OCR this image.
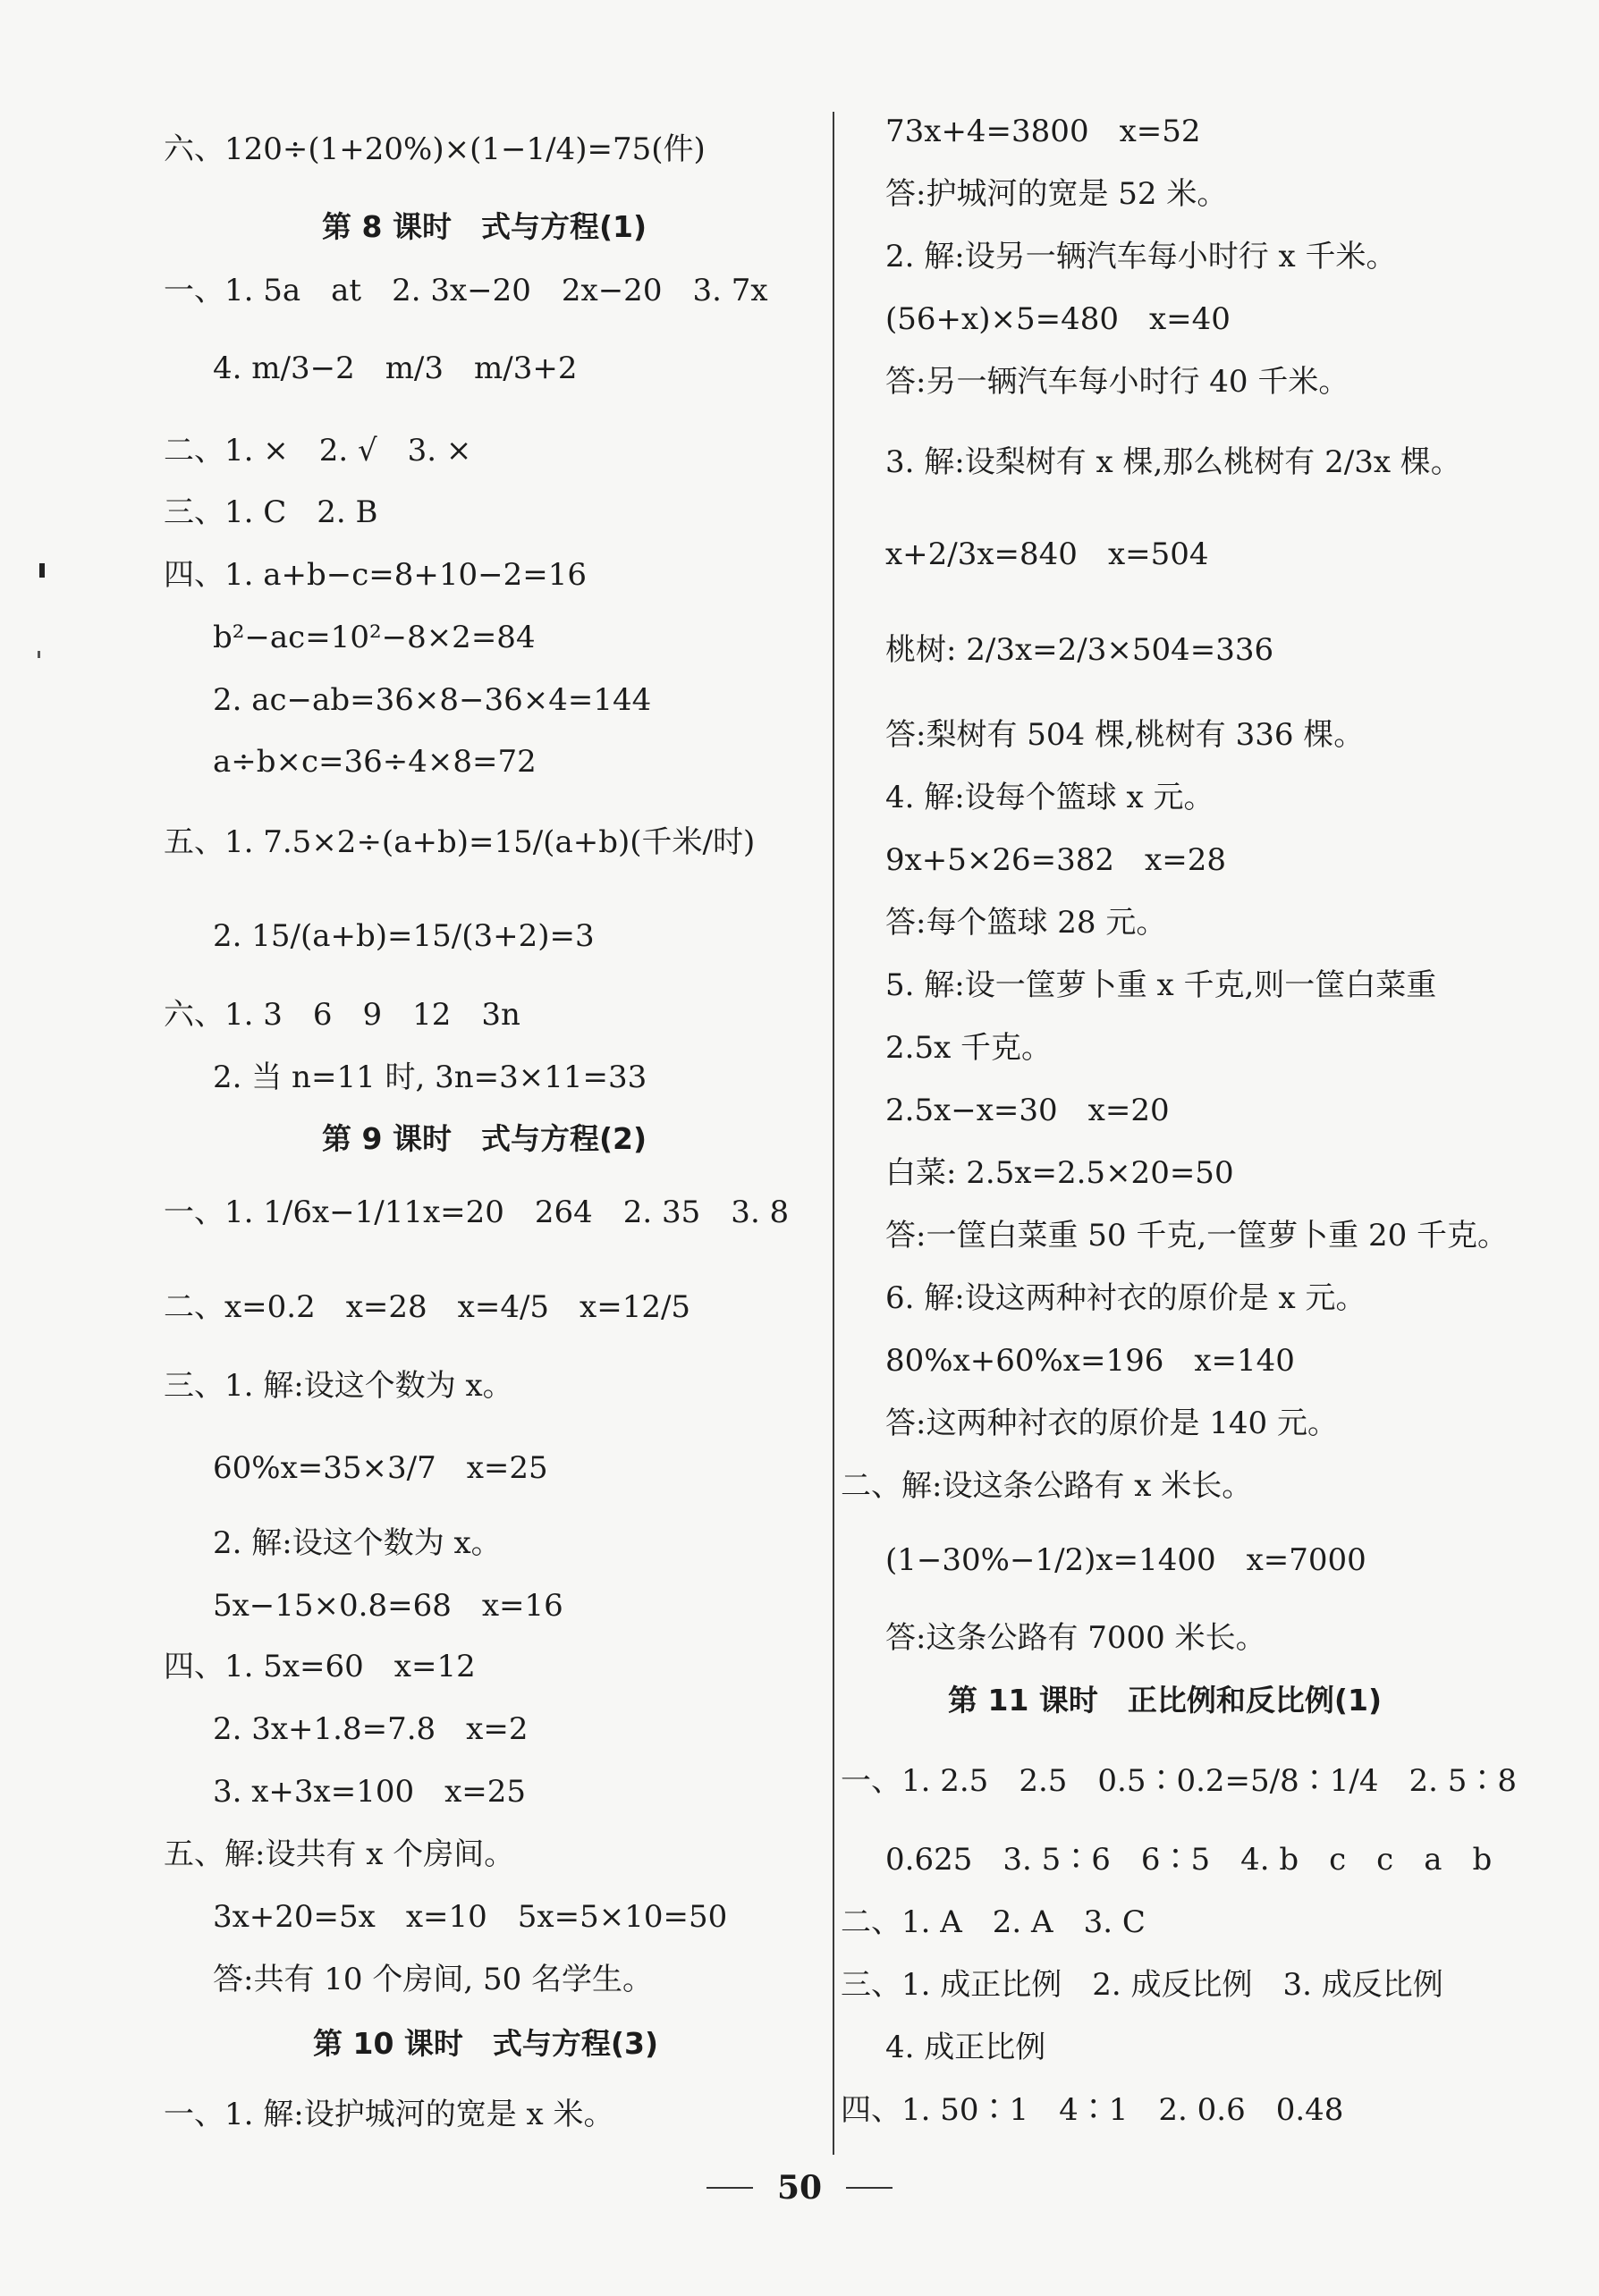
六、120÷(1+20%)×(1−1/4)=75(件)
第 8 课时　式与方程(1)
一、1. 5a　at　2. 3x−20　2x−20　3. 7x
4. m/3−2　m/3　m/3+2
二、1. ×　2. √　3. ×
三、1. C　2. B
四、1. a+b−c=8+10−2=16
b²−ac=10²−8×2=84
2. ac−ab=36×8−36×4=144
a÷b×c=36÷4×8=72
五、1. 7.5×2÷(a+b)=15/(a+b)(千米/时)
2. 15/(a+b)=15/(3+2)=3
六、1. 3　6　9　12　3n
2. 当 n=11 时, 3n=3×11=33
第 9 课时　式与方程(2)
一、1. 1/6x−1/11x=20　264　2. 35　3. 8
二、x=0.2　x=28　x=4/5　x=12/5
三、1. 解:设这个数为 x。
60%x=35×3/7　x=25
2. 解:设这个数为 x。
5x−15×0.8=68　x=16
四、1. 5x=60　x=12
2. 3x+1.8=7.8　x=2
3. x+3x=100　x=25
五、解:设共有 x 个房间。
3x+20=5x　x=10　5x=5×10=50
答:共有 10 个房间, 50 名学生。
第 10 课时　式与方程(3)
一、1. 解:设护城河的宽是 x 米。
73x+4=3800　x=52
答:护城河的宽是 52 米。
2. 解:设另一辆汽车每小时行 x 千米。
(56+x)×5=480　x=40
答:另一辆汽车每小时行 40 千米。
3. 解:设梨树有 x 棵,那么桃树有 2/3x 棵。
x+2/3x=840　x=504
桃树: 2/3x=2/3×504=336
答:梨树有 504 棵,桃树有 336 棵。
4. 解:设每个篮球 x 元。
9x+5×26=382　x=28
答:每个篮球 28 元。
5. 解:设一筐萝卜重 x 千克,则一筐白菜重
2.5x 千克。
2.5x−x=30　x=20
白菜: 2.5x=2.5×20=50
答:一筐白菜重 50 千克,一筐萝卜重 20 千克。
6. 解:设这两种衬衣的原价是 x 元。
80%x+60%x=196　x=140
答:这两种衬衣的原价是 140 元。
二、解:设这条公路有 x 米长。
(1−30%−1/2)x=1400　x=7000
答:这条公路有 7000 米长。
第 11 课时　正比例和反比例(1)
一、1. 2.5　2.5　0.5∶0.2=5/8∶1/4　2. 5∶8
0.625　3. 5∶6　6∶5　4. b　c　c　a　b
二、1. A　2. A　3. C
三、1. 成正比例　2. 成反比例　3. 成反比例
4. 成正比例
四、1. 50∶1　4∶1　2. 0.6　0.48
50
